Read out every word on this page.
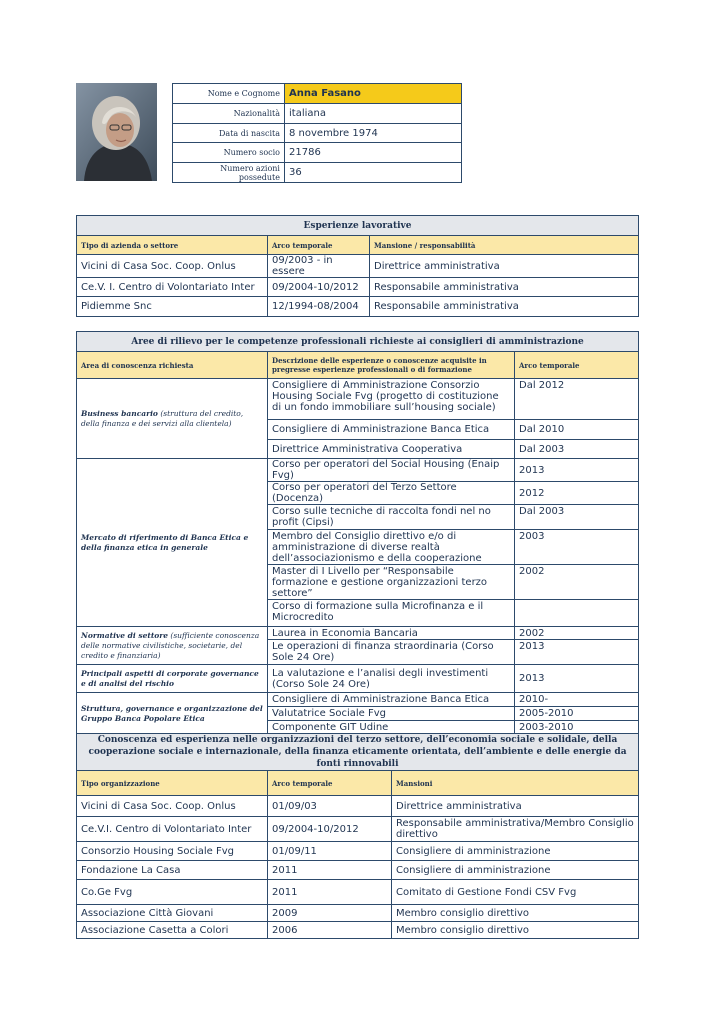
Nome e Cognome	Anna Fasano
Nazionalità	italiana
Data di nascita	8 novembre 1974
Numero socio	21786
Numero azioni possedute	36
Esperienze lavorative		
Tipo di azienda o settore	Arco temporale	Mansione / responsabilità
Vicini di Casa Soc. Coop. Onlus	09/2003 - in essere	Direttrice amministrativa
Ce.V. I. Centro di Volontariato Inter	09/2004-10/2012	Responsabile amministrativa
Pidiemme Snc	12/1994-08/2004	Responsabile amministrativa
Aree di rilievo per le competenze professionali richieste ai consiglieri di amministrazione		
Area di conoscenza richiesta	Descrizione delle esperienze o conoscenze acquisite in pregresse esperienze professionali o di formazione	Arco temporale
Business bancario (struttura del credito, della finanza e dei servizi alla clientela)	Consigliere di Amministrazione Consorzio Housing Sociale Fvg (progetto di costituzione di un fondo immobiliare sull’housing sociale)	Dal 2012
	Consigliere di Amministrazione Banca Etica	Dal 2010
	Direttrice Amministrativa Cooperativa	Dal 2003
Mercato di riferimento di Banca Etica e della finanza etica in generale	Corso per operatori del Social Housing (Enaip Fvg)	2013
	Corso per operatori del Terzo Settore (Docenza)	2012
	Corso sulle tecniche di raccolta fondi nel no profit (Cipsi)	Dal 2003
	Membro del Consiglio direttivo e/o di amministrazione di diverse realtà dell’associazionismo e della cooperazione	2003
	Master di I Livello per “Responsabile formazione e gestione organizzazioni terzo settore”	2002
	Corso di formazione sulla Microfinanza e il Microcredito	
Normative di settore (sufficiente conoscenza delle normative civilistiche, societarie, del credito e finanziaria)	Laurea in Economia Bancaria	2002
	Le operazioni di finanza straordinaria (Corso Sole 24 Ore)	2013
Principali aspetti di corporate governance e di analisi del rischio	La valutazione e l’analisi degli investimenti (Corso Sole 24 Ore)	2013
Struttura, governance e organizzazione del Gruppo Banca Popolare Etica	Consigliere di Amministrazione Banca Etica	2010-
	Valutatrice Sociale Fvg	2005-2010
	Componente GIT Udine	2003-2010
Conoscenza ed esperienza nelle organizzazioni del terzo settore, dell’economia sociale e solidale, della cooperazione sociale e internazionale, della finanza eticamente orientata, dell’ambiente e delle energie da fonti rinnovabili		
Tipo organizzazione	Arco temporale	Mansioni
Vicini di Casa Soc. Coop. Onlus	01/09/03	Direttrice amministrativa
Ce.V.I. Centro di Volontariato Inter	09/2004-10/2012	Responsabile amministrativa/Membro Consiglio direttivo
Consorzio Housing Sociale Fvg	01/09/11	Consigliere di amministrazione
Fondazione La Casa	2011	Consigliere di amministrazione
Co.Ge Fvg	2011	Comitato di Gestione Fondi CSV Fvg
Associazione Città Giovani	2009	Membro consiglio direttivo
Associazione Casetta a Colori	2006	Membro consiglio direttivo
